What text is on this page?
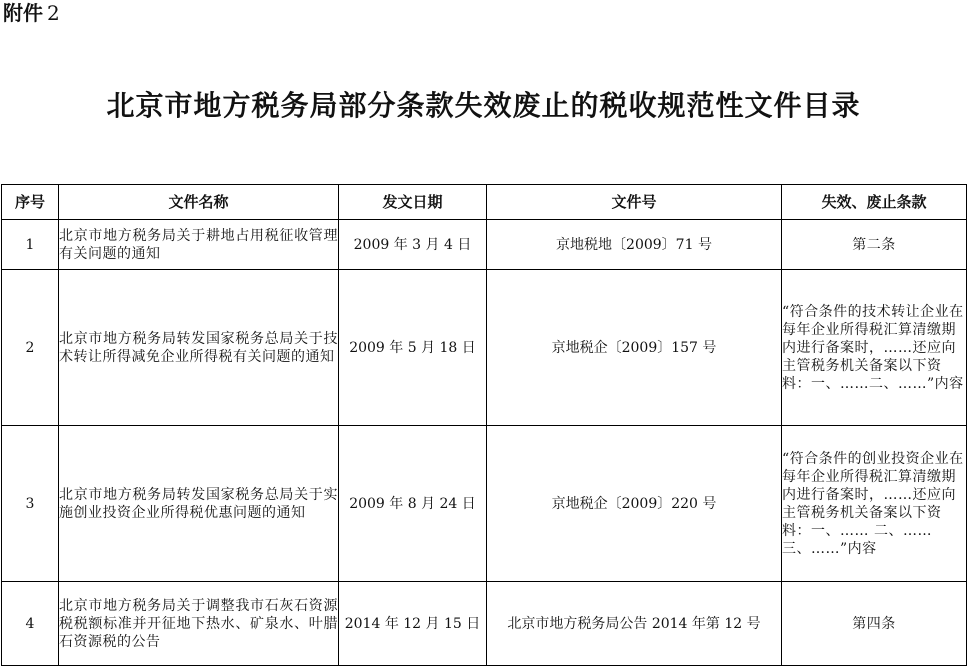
附件 2
北京市地方税务局部分条款失效废止的税收规范性文件目录
序号	文件名称	发文日期	文件号	失效、废止条款
1	北京市地方税务局关于耕地占用税征收管理有关问题的通知	2009 年 3 月 4 日	京地税地〔2009〕71 号	第二条
2	北京市地方税务局转发国家税务总局关于技术转让所得减免企业所得税有关问题的通知	2009 年 5 月 18 日	京地税企〔2009〕157 号	“符合条件的技术转让企业在每年企业所得税汇算清缴期内进行备案时，……还应向主管税务机关备案以下资料：一、……二、……”内容
3	北京市地方税务局转发国家税务总局关于实施创业投资企业所得税优惠问题的通知	2009 年 8 月 24 日	京地税企〔2009〕220 号	“符合条件的创业投资企业在每年企业所得税汇算清缴期内进行备案时，……还应向主管税务机关备案以下资料：一、…… 二、…… 三、……”内容
4	北京市地方税务局关于调整我市石灰石资源税税额标准并开征地下热水、矿泉水、叶腊石资源税的公告	2014 年 12 月 15 日	北京市地方税务局公告 2014 年第 12 号	第四条
